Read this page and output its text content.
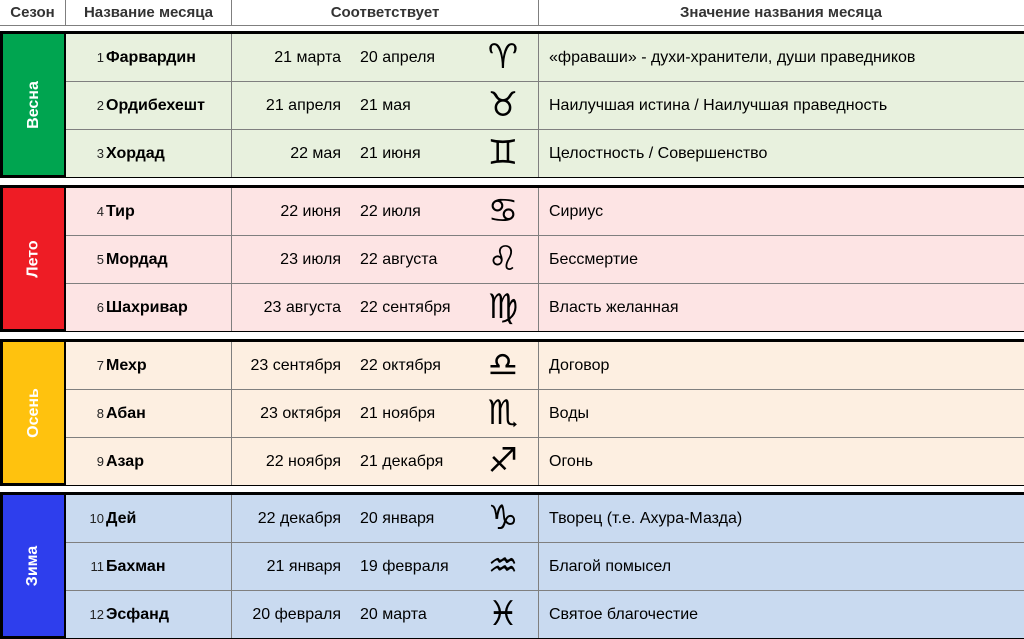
Сезон	Название месяца	Соответствует	Значение названия месяца
Весна
1 Фарвардин	21 марта 20 апреля	♈	«фраваши» - духи-хранители, души праведников
2 Ордибехешт	21 апреля 21 мая	♉	Наилучшая истина / Наилучшая праведность
3 Хордад	22 мая 21 июня	♊	Целостность / Совершенство
Лето
4 Тир	22 июня 22 июля	♋	Сириус
5 Мордад	23 июля 22 августа	♌	Бессмертие
6 Шахривар	23 августа 22 сентября	♍	Власть желанная
Осень
7 Мехр	23 сентября 22 октября	♎	Договор
8 Абан	23 октября 21 ноября	♏	Воды
9 Азар	22 ноября 21 декабря	♐	Огонь
Зима
10 Дей	22 декабря 20 января	♑	Творец (т.е. Ахура-Мазда)
11 Бахман	21 января 19 февраля	♒	Благой помысел
12 Эсфанд	20 февраля 20 марта	♓	Святое благочестие
